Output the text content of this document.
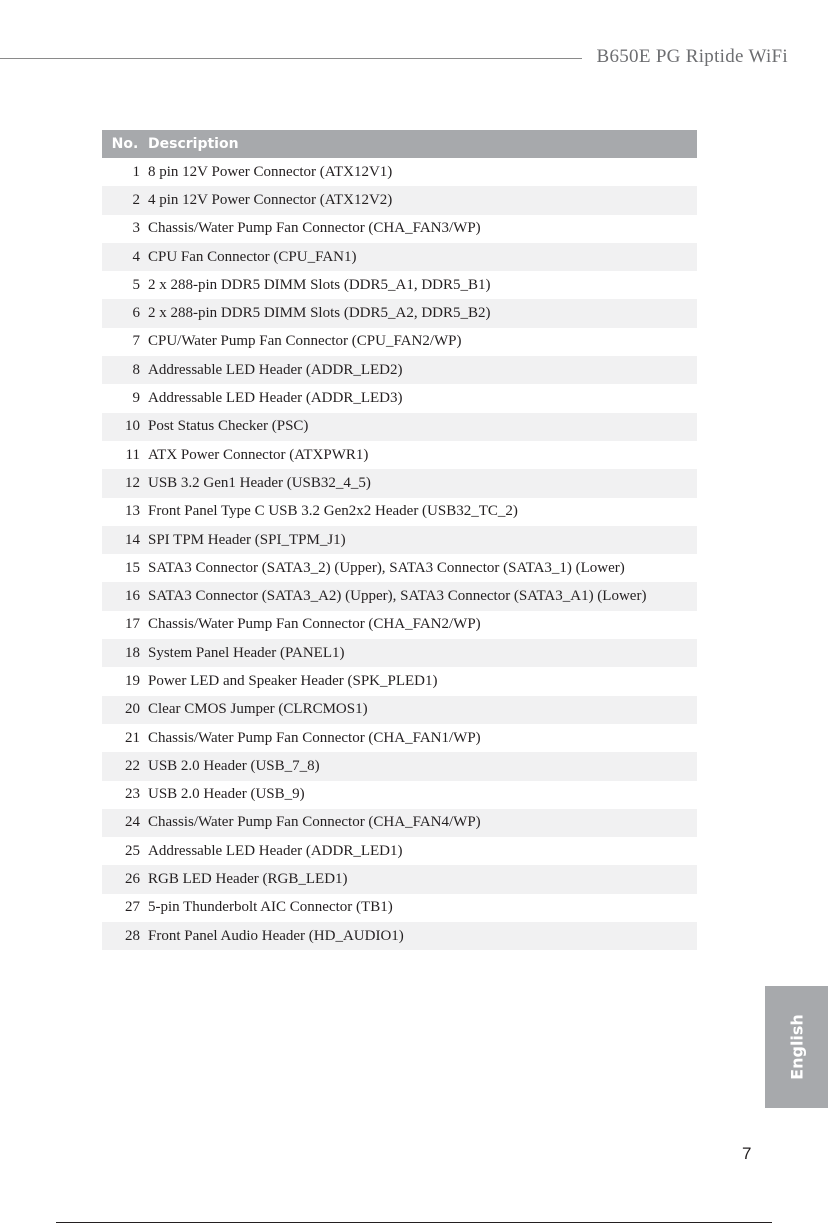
B650E PG Riptide WiFi
No.	Description
1	8 pin 12V Power Connector (ATX12V1)
2	4 pin 12V Power Connector (ATX12V2)
3	Chassis/Water Pump Fan Connector (CHA_FAN3/WP)
4	CPU Fan Connector (CPU_FAN1)
5	2 x 288-pin DDR5 DIMM Slots (DDR5_A1, DDR5_B1)
6	2 x 288-pin DDR5 DIMM Slots (DDR5_A2, DDR5_B2)
7	CPU/Water Pump Fan Connector (CPU_FAN2/WP)
8	Addressable LED Header (ADDR_LED2)
9	Addressable LED Header (ADDR_LED3)
10	Post Status Checker (PSC)
11	ATX Power Connector (ATXPWR1)
12	USB 3.2 Gen1 Header (USB32_4_5)
13	Front Panel Type C USB 3.2 Gen2x2 Header (USB32_TC_2)
14	SPI TPM Header (SPI_TPM_J1)
15	SATA3 Connector (SATA3_2) (Upper), SATA3 Connector (SATA3_1) (Lower)
16	SATA3 Connector (SATA3_A2) (Upper), SATA3 Connector (SATA3_A1) (Lower)
17	Chassis/Water Pump Fan Connector (CHA_FAN2/WP)
18	System Panel Header (PANEL1)
19	Power LED and Speaker Header (SPK_PLED1)
20	Clear CMOS Jumper (CLRCMOS1)
21	Chassis/Water Pump Fan Connector (CHA_FAN1/WP)
22	USB 2.0 Header (USB_7_8)
23	USB 2.0 Header (USB_9)
24	Chassis/Water Pump Fan Connector (CHA_FAN4/WP)
25	Addressable LED Header (ADDR_LED1)
26	RGB LED Header (RGB_LED1)
27	5-pin Thunderbolt AIC Connector (TB1)
28	Front Panel Audio Header (HD_AUDIO1)
English
7
